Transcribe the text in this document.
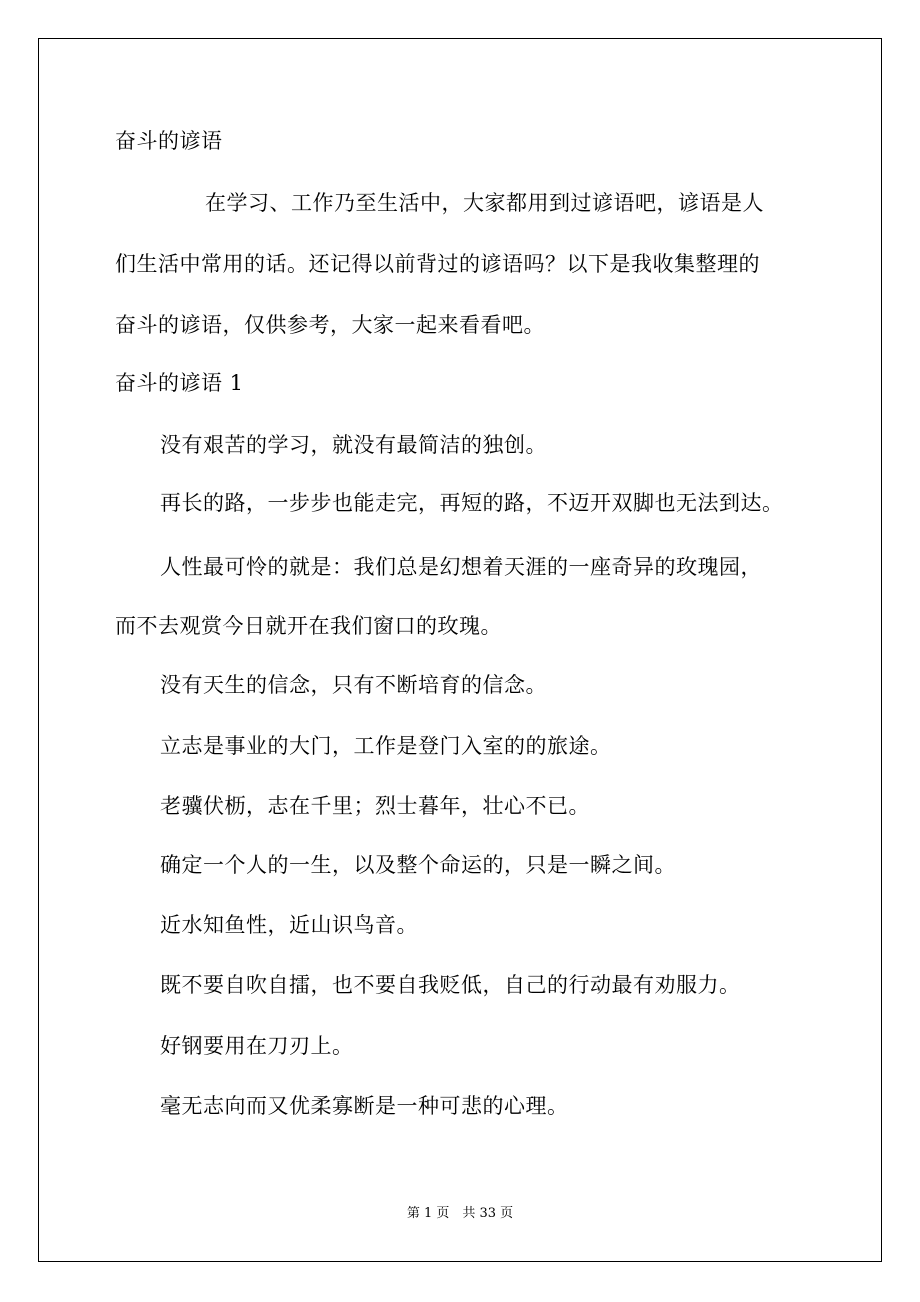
奋斗的谚语
在学习、工作乃至生活中，大家都用到过谚语吧，谚语是人
们生活中常用的话。还记得以前背过的谚语吗？以下是我收集整理的
奋斗的谚语，仅供参考，大家一起来看看吧。
奋斗的谚语 1
没有艰苦的学习，就没有最简洁的独创。
再长的路，一步步也能走完，再短的路，不迈开双脚也无法到达。
人性最可怜的就是：我们总是幻想着天涯的一座奇异的玫瑰园，
而不去观赏今日就开在我们窗口的玫瑰。
没有天生的信念，只有不断培育的信念。
立志是事业的大门，工作是登门入室的的旅途。
老骥伏枥，志在千里；烈士暮年，壮心不已。
确定一个人的一生，以及整个命运的，只是一瞬之间。
近水知鱼性，近山识鸟音。
既不要自吹自擂，也不要自我贬低，自己的行动最有劝服力。
好钢要用在刀刃上。
毫无志向而又优柔寡断是一种可悲的心理。
第 1 页　共 33 页
